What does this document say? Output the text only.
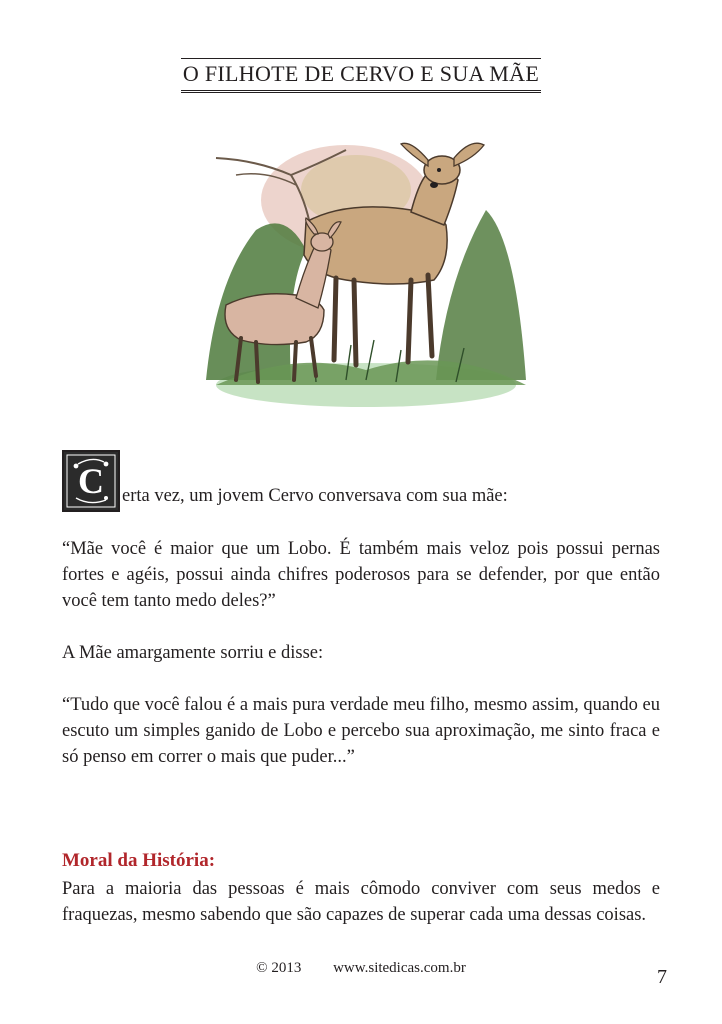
O FILHOTE DE CERVO E SUA MÃE
C erta vez, um jovem Cervo conversava com sua mãe:
“Mãe você é maior que um Lobo. É também mais veloz pois possui pernas fortes e agéis, possui ainda chifres poderosos para se defender, por que então você tem tanto medo deles?”
A Mãe amargamente sorriu e disse:
“Tudo que você falou é a mais pura verdade meu filho, mesmo assim, quando eu escuto um simples ganido de Lobo e percebo sua aproximação, me sinto fraca e só penso em correr o mais que puder...”
Moral da História:
Para a maioria das pessoas é mais cômodo conviver com seus medos e fraquezas, mesmo sabendo que são capazes de superar cada uma dessas coisas.
© 2013 www.sitedicas.com.br	7
